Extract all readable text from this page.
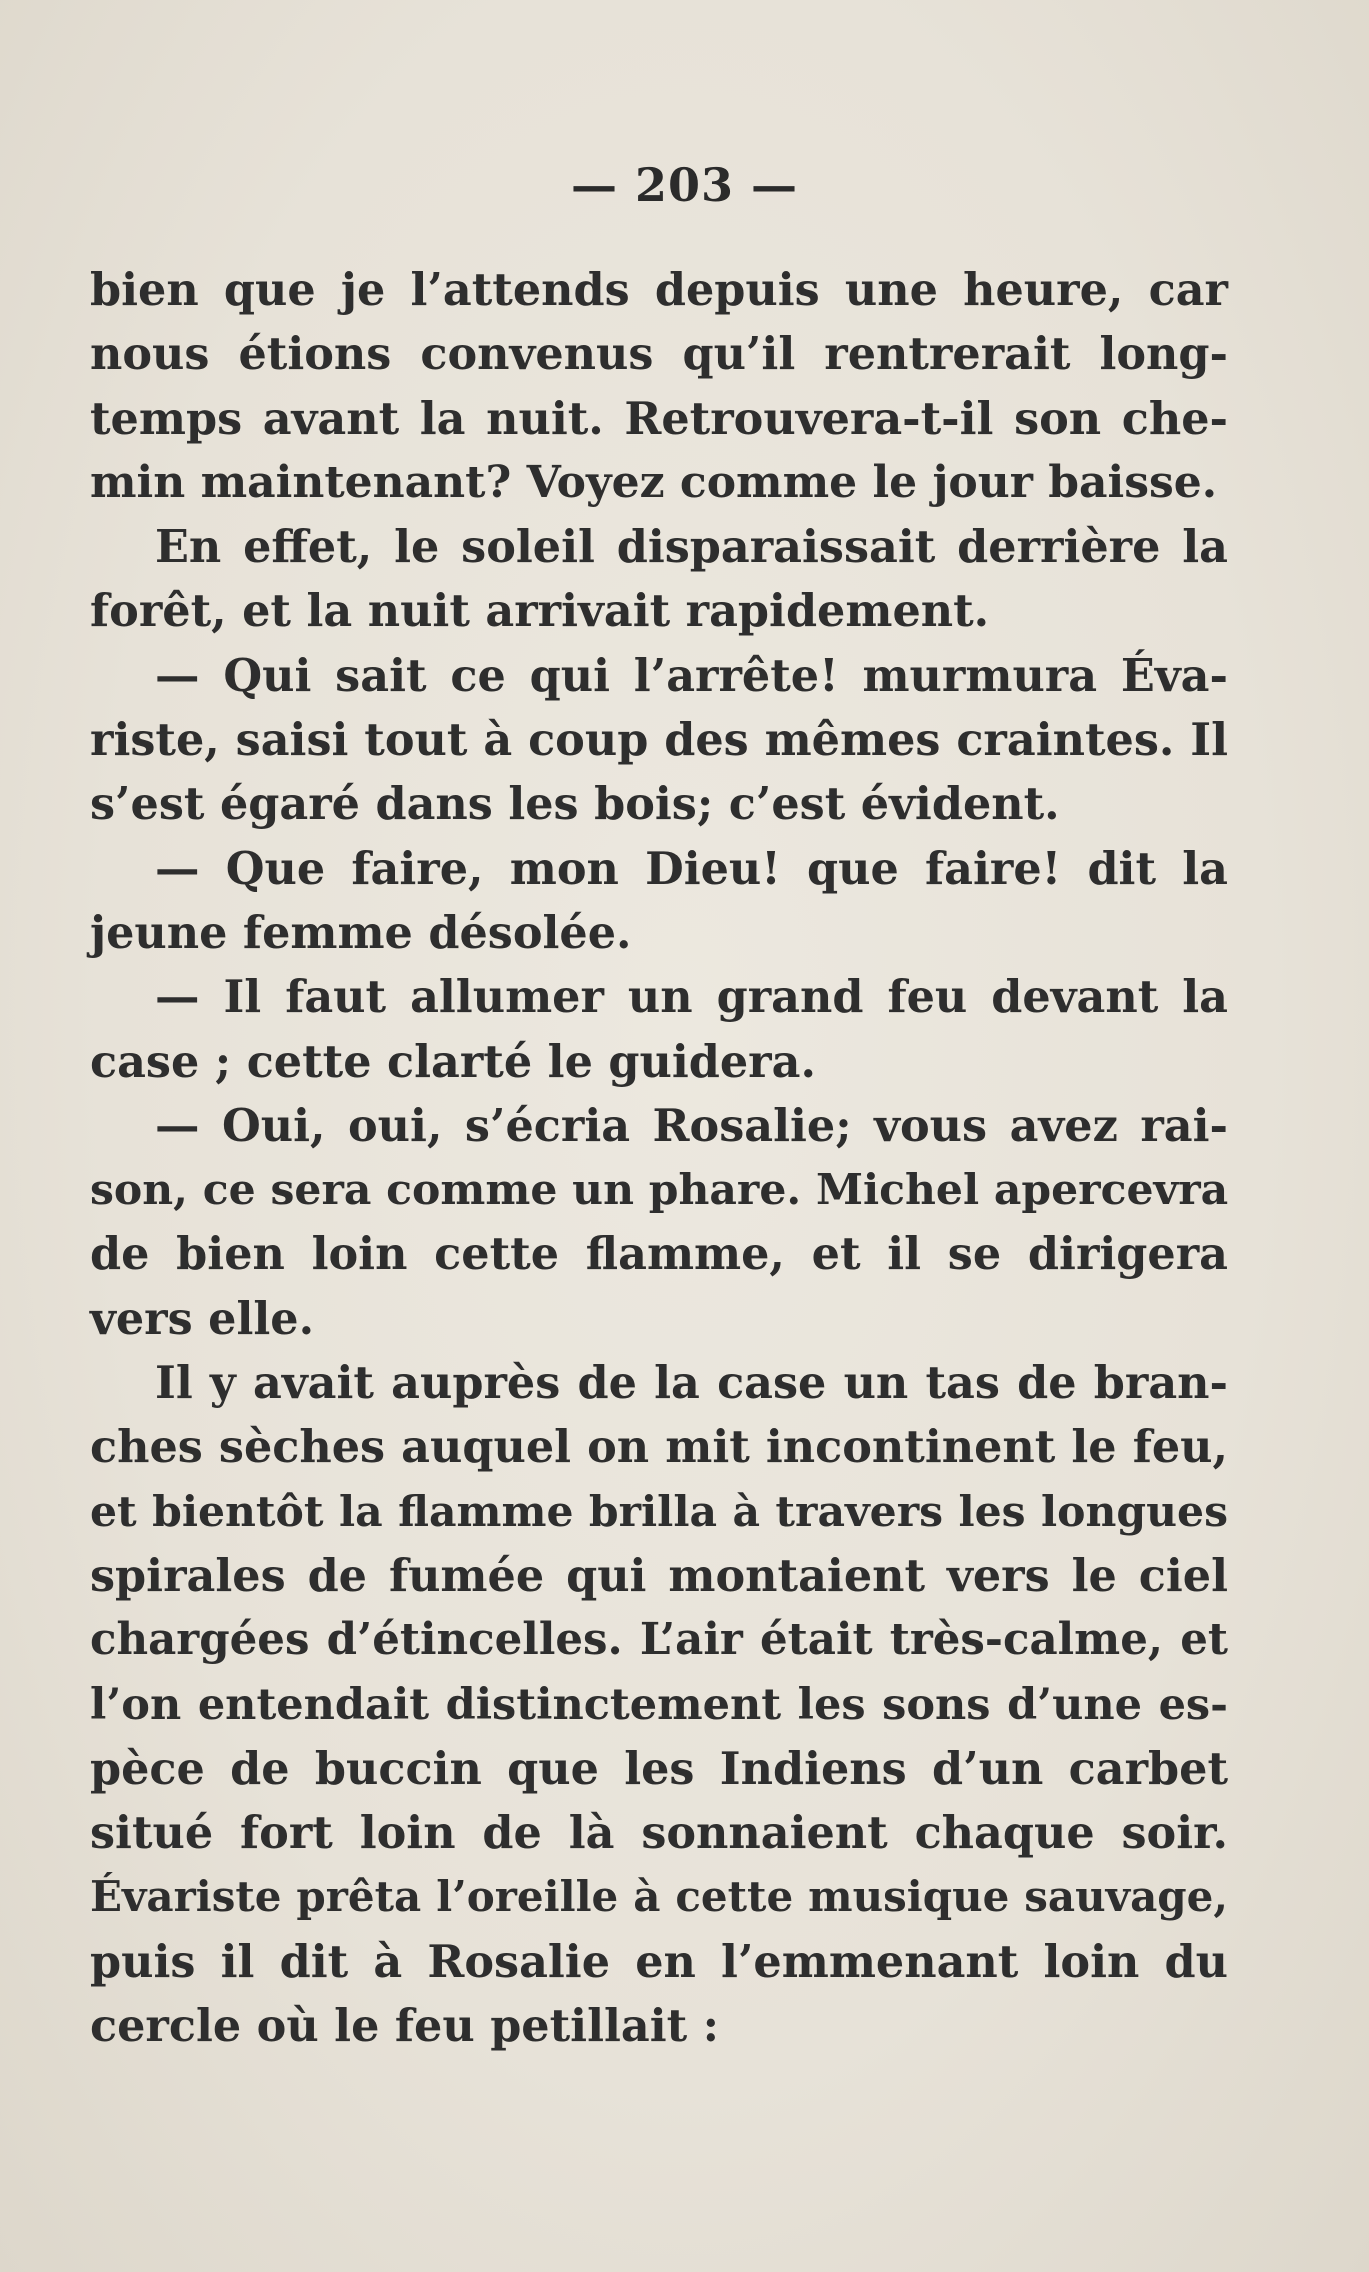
— 203 —
bien que je l’attends depuis une heure, car
nous étions convenus qu’il rentrerait long-
temps avant la nuit. Retrouvera-t-il son che-
min maintenant? Voyez comme le jour baisse.
En effet, le soleil disparaissait derrière la
forêt, et la nuit arrivait rapidement.
— Qui sait ce qui l’arrête! murmura Éva-
riste, saisi tout à coup des mêmes craintes. Il
s’est égaré dans les bois; c’est évident.
— Que faire, mon Dieu! que faire! dit la
jeune femme désolée.
— Il faut allumer un grand feu devant la
case ; cette clarté le guidera.
— Oui, oui, s’écria Rosalie; vous avez rai-
son, ce sera comme un phare. Michel apercevra
de bien loin cette flamme, et il se dirigera
vers elle.
Il y avait auprès de la case un tas de bran-
ches sèches auquel on mit incontinent le feu,
et bientôt la flamme brilla à travers les longues
spirales de fumée qui montaient vers le ciel
chargées d’étincelles. L’air était très-calme, et
l’on entendait distinctement les sons d’une es-
pèce de buccin que les Indiens d’un carbet
situé fort loin de là sonnaient chaque soir.
Évariste prêta l’oreille à cette musique sauvage,
puis il dit à Rosalie en l’emmenant loin du
cercle où le feu petillait :
